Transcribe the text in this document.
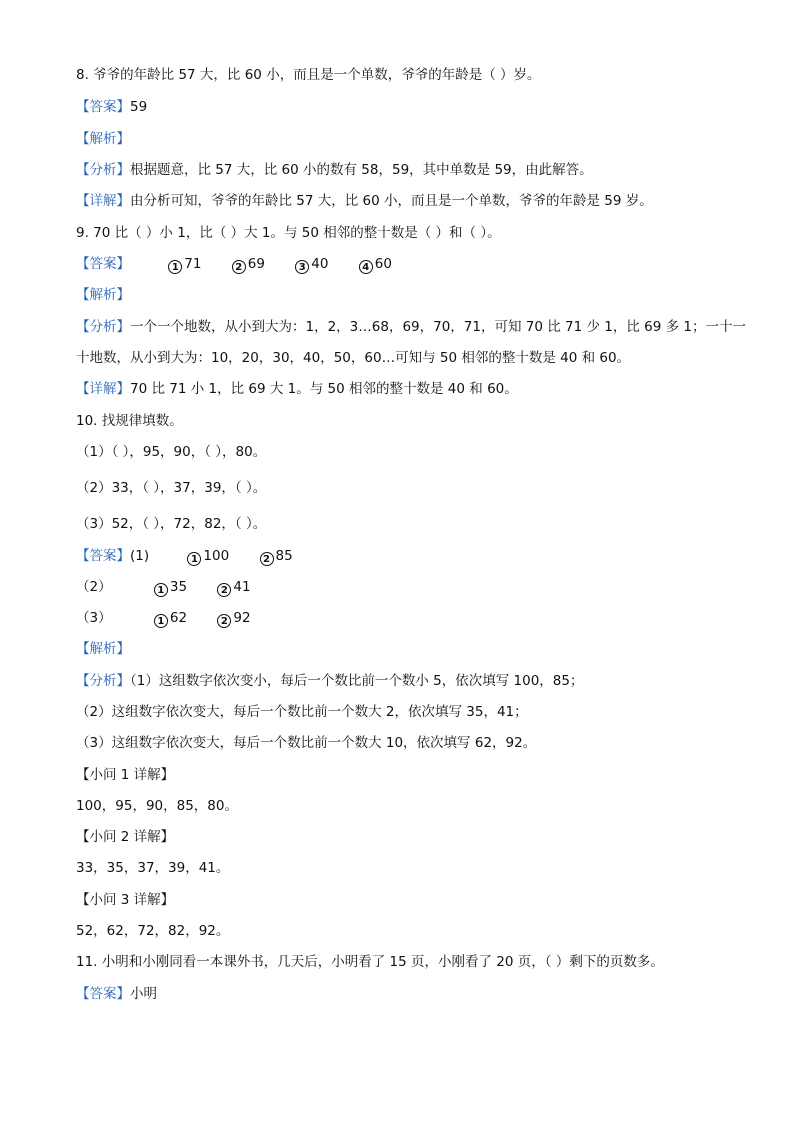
8. 爷爷的年龄比 57 大，比 60 小，而且是一个单数，爷爷的年龄是（ ）岁。
【答案】59
【解析】
【分析】根据题意，比 57 大，比 60 小的数有 58，59，其中单数是 59，由此解答。
【详解】由分析可知，爷爷的年龄比 57 大，比 60 小，而且是一个单数，爷爷的年龄是 59 岁。
9. 70 比（ ）小 1，比（ ）大 1。与 50 相邻的整十数是（ ）和（ ）。
【答案】	1 71	2 69	3 40	4 60
【解析】
【分析】一个一个地数，从小到大为：1，2，3…68，69，70，71，可知 70 比 71 少 1，比 69 多 1；一十一
十地数，从小到大为：10，20，30，40，50，60…可知与 50 相邻的整十数是 40 和 60。
【详解】70 比 71 小 1，比 69 大 1。与 50 相邻的整十数是 40 和 60。
10. 找规律填数。
（1）（ ），95，90，（ ），80。
（2）33，（ ），37，39，（ ）。
（3）52，（ ），72，82，（ ）。
【答案】(1)	1 100	2 85
（2）	1 35	2 41
（3）	1 62	2 92
【解析】
【分析】（1）这组数字依次变小，每后一个数比前一个数小 5，依次填写 100，85；
（2）这组数字依次变大，每后一个数比前一个数大 2，依次填写 35，41；
（3）这组数字依次变大，每后一个数比前一个数大 10，依次填写 62，92。
【小问 1 详解】
100，95，90，85，80。
【小问 2 详解】
33，35，37，39，41。
【小问 3 详解】
52，62，72，82，92。
11. 小明和小刚同看一本课外书，几天后，小明看了 15 页，小刚看了 20 页，（ ）剩下的页数多。
【答案】小明
